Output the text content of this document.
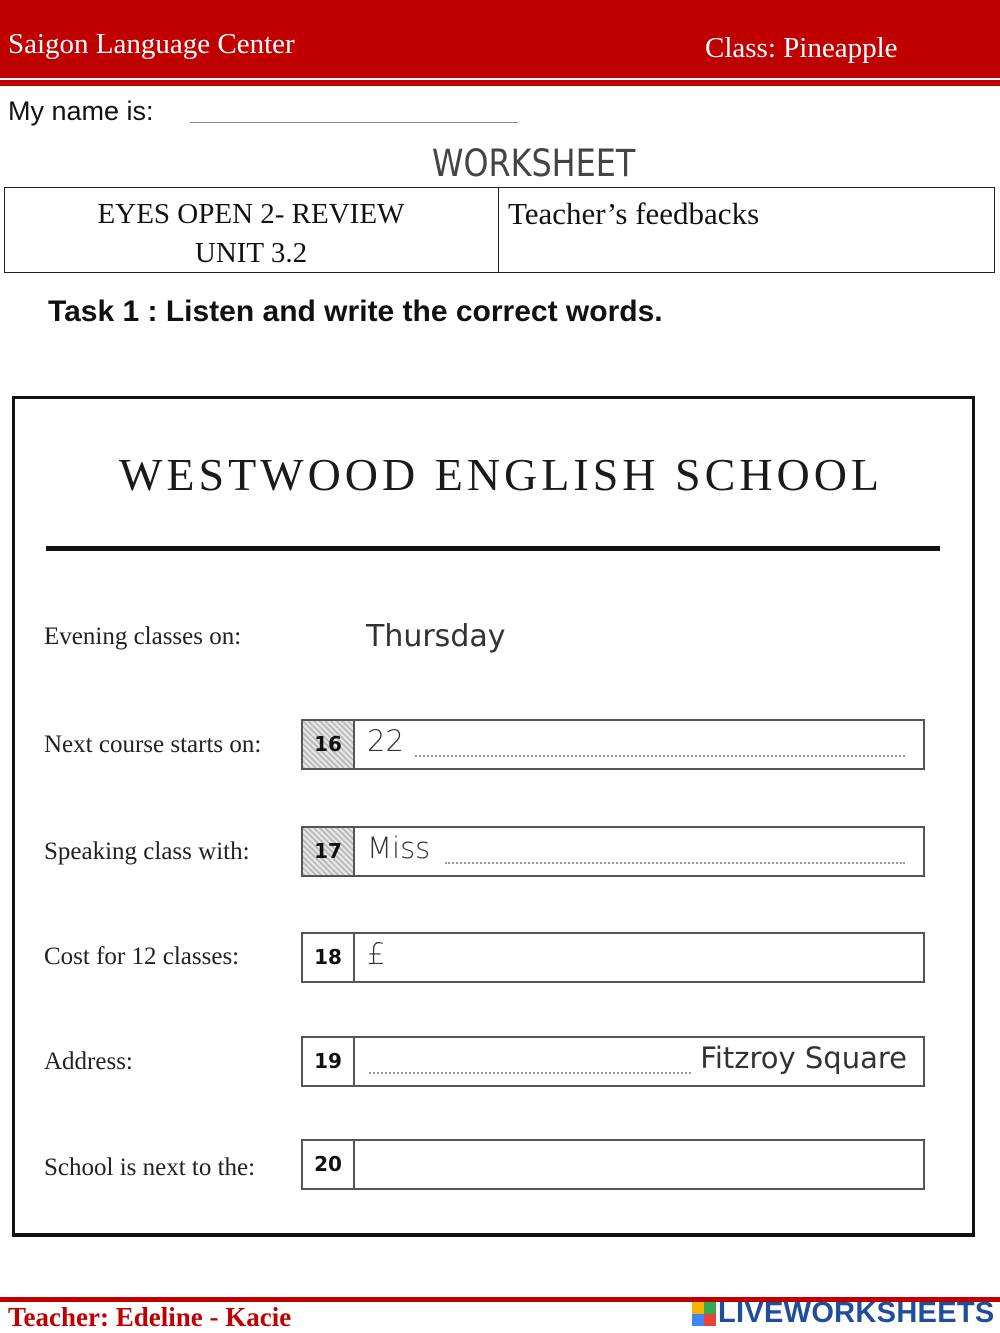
Saigon Language Center	Class: Pineapple
My name is:
WORKSHEET
EYES OPEN 2- REVIEW
UNIT 3.2
Teacher’s feedbacks
Task 1 : Listen and write the correct words.
WESTWOOD ENGLISH SCHOOL
Evening classes on:	Thursday
Next course starts on:	16 22
Speaking class with:	17 Miss
Cost for 12 classes:	18 £
Address:	19	Fitzroy Square
School is next to the:	20
Teacher: Edeline - Kacie	LIVEWORKSHEETS
